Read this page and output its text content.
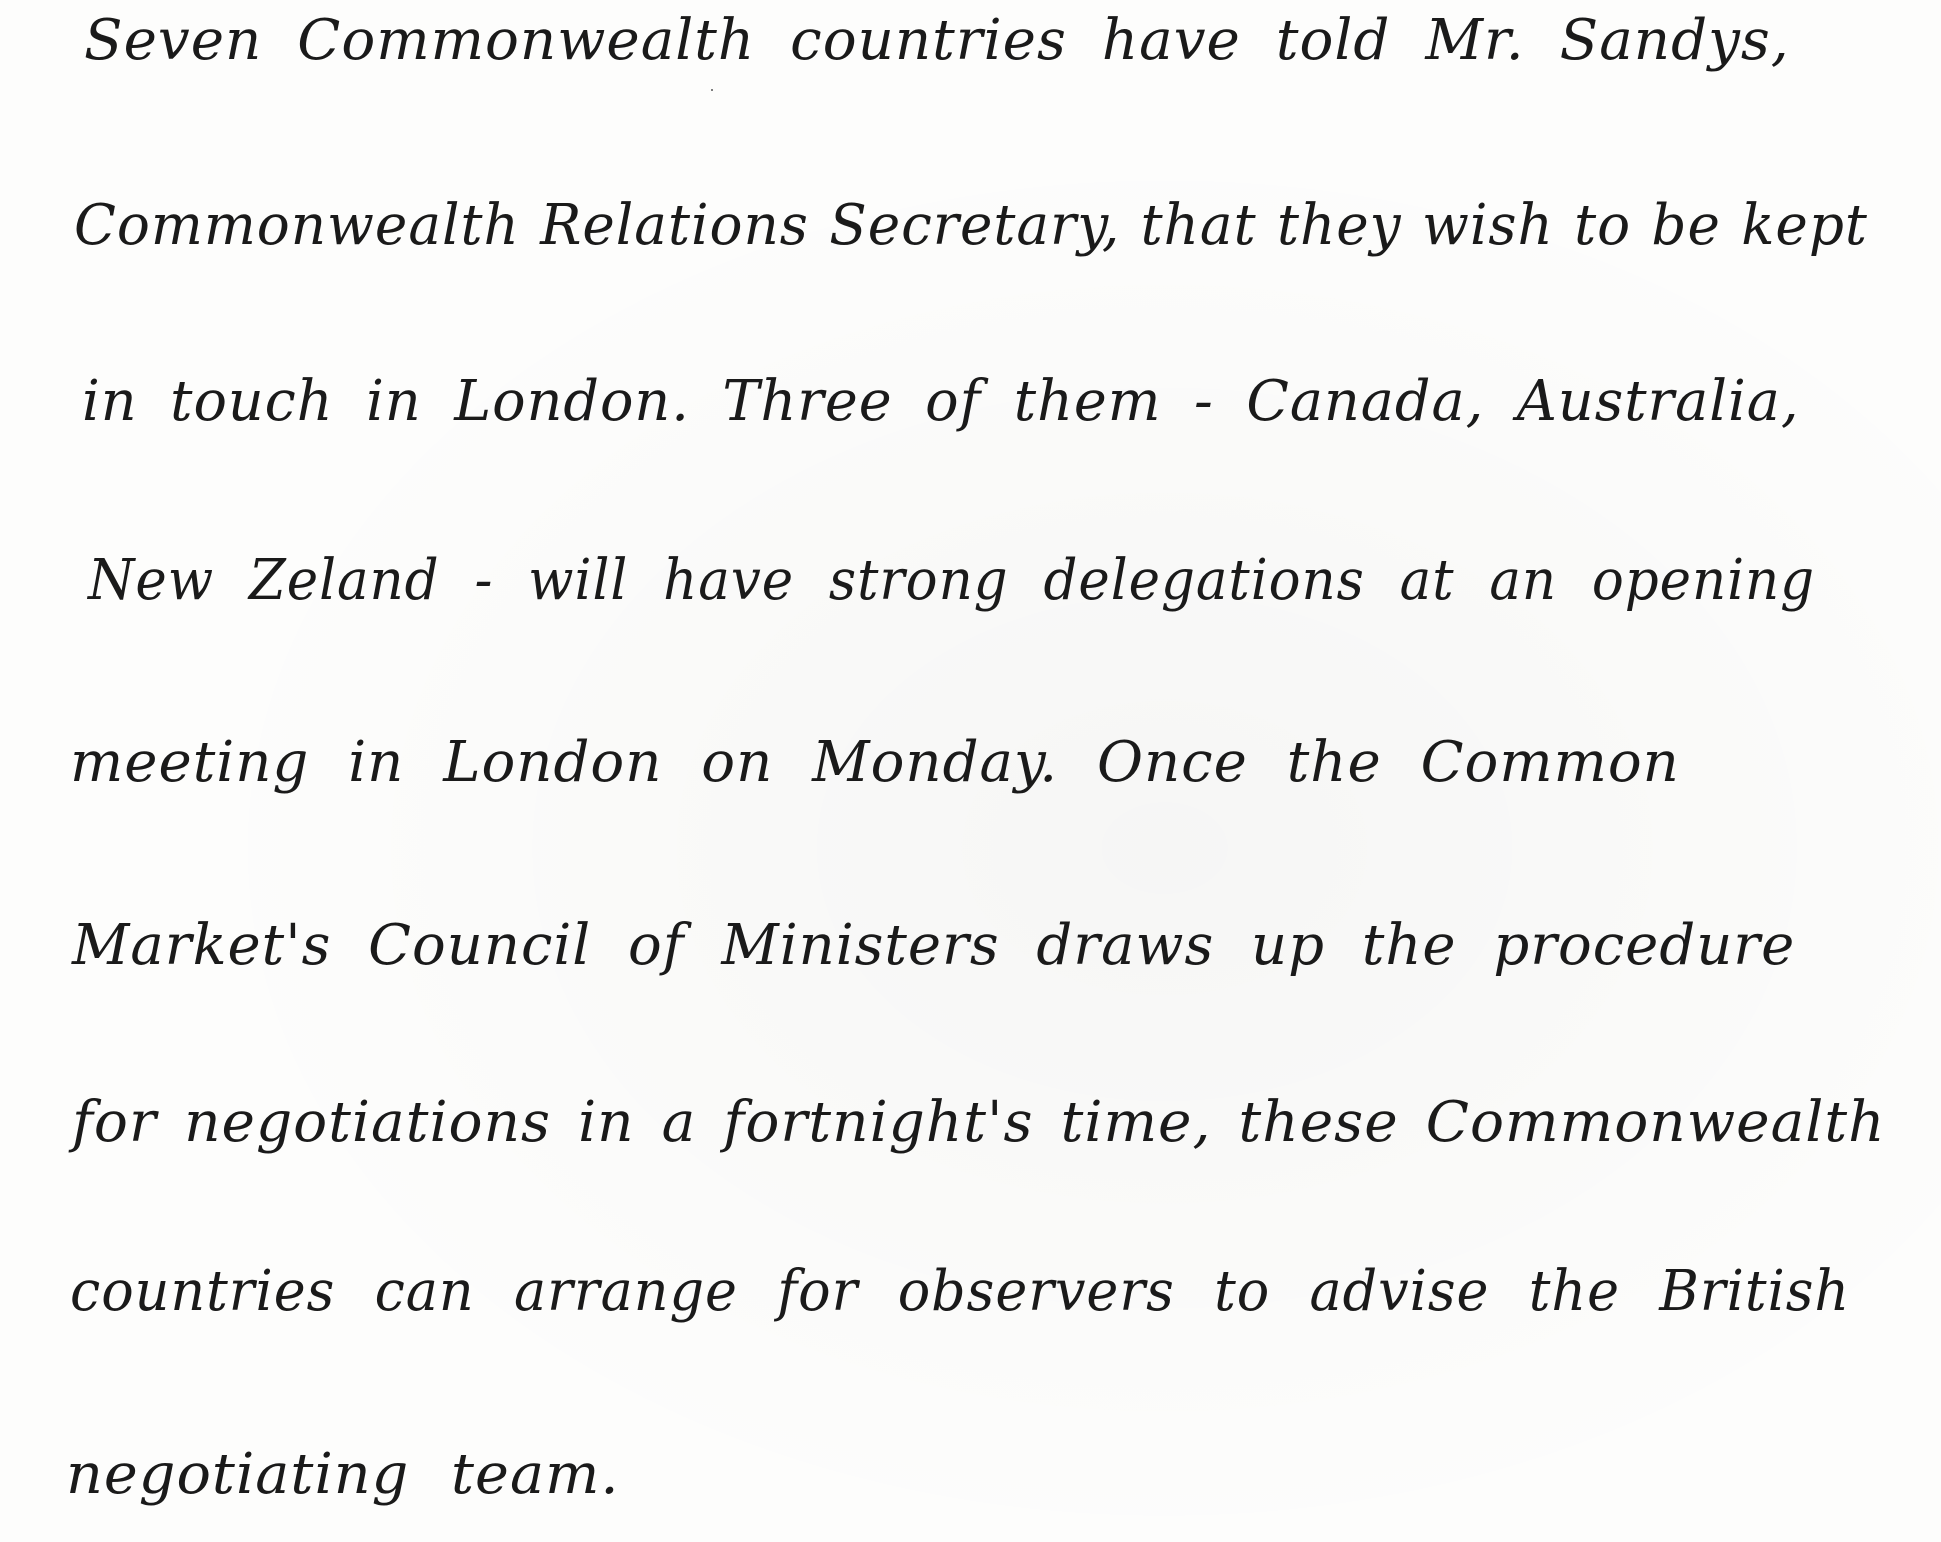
Seven Commonwealth countries have told Mr. Sandys,

Commonwealth Relations Secretary, that they wish to be kept

in touch in London. Three of them - Canada, Australia,

New Zeland - will have strong delegations at an opening

meeting in London on Monday. Once the Common

Market's Council of Ministers draws up the procedure

for negotiations in a fortnight's time, these Commonwealth

countries can arrange for observers to advise the British

negotiating team.
